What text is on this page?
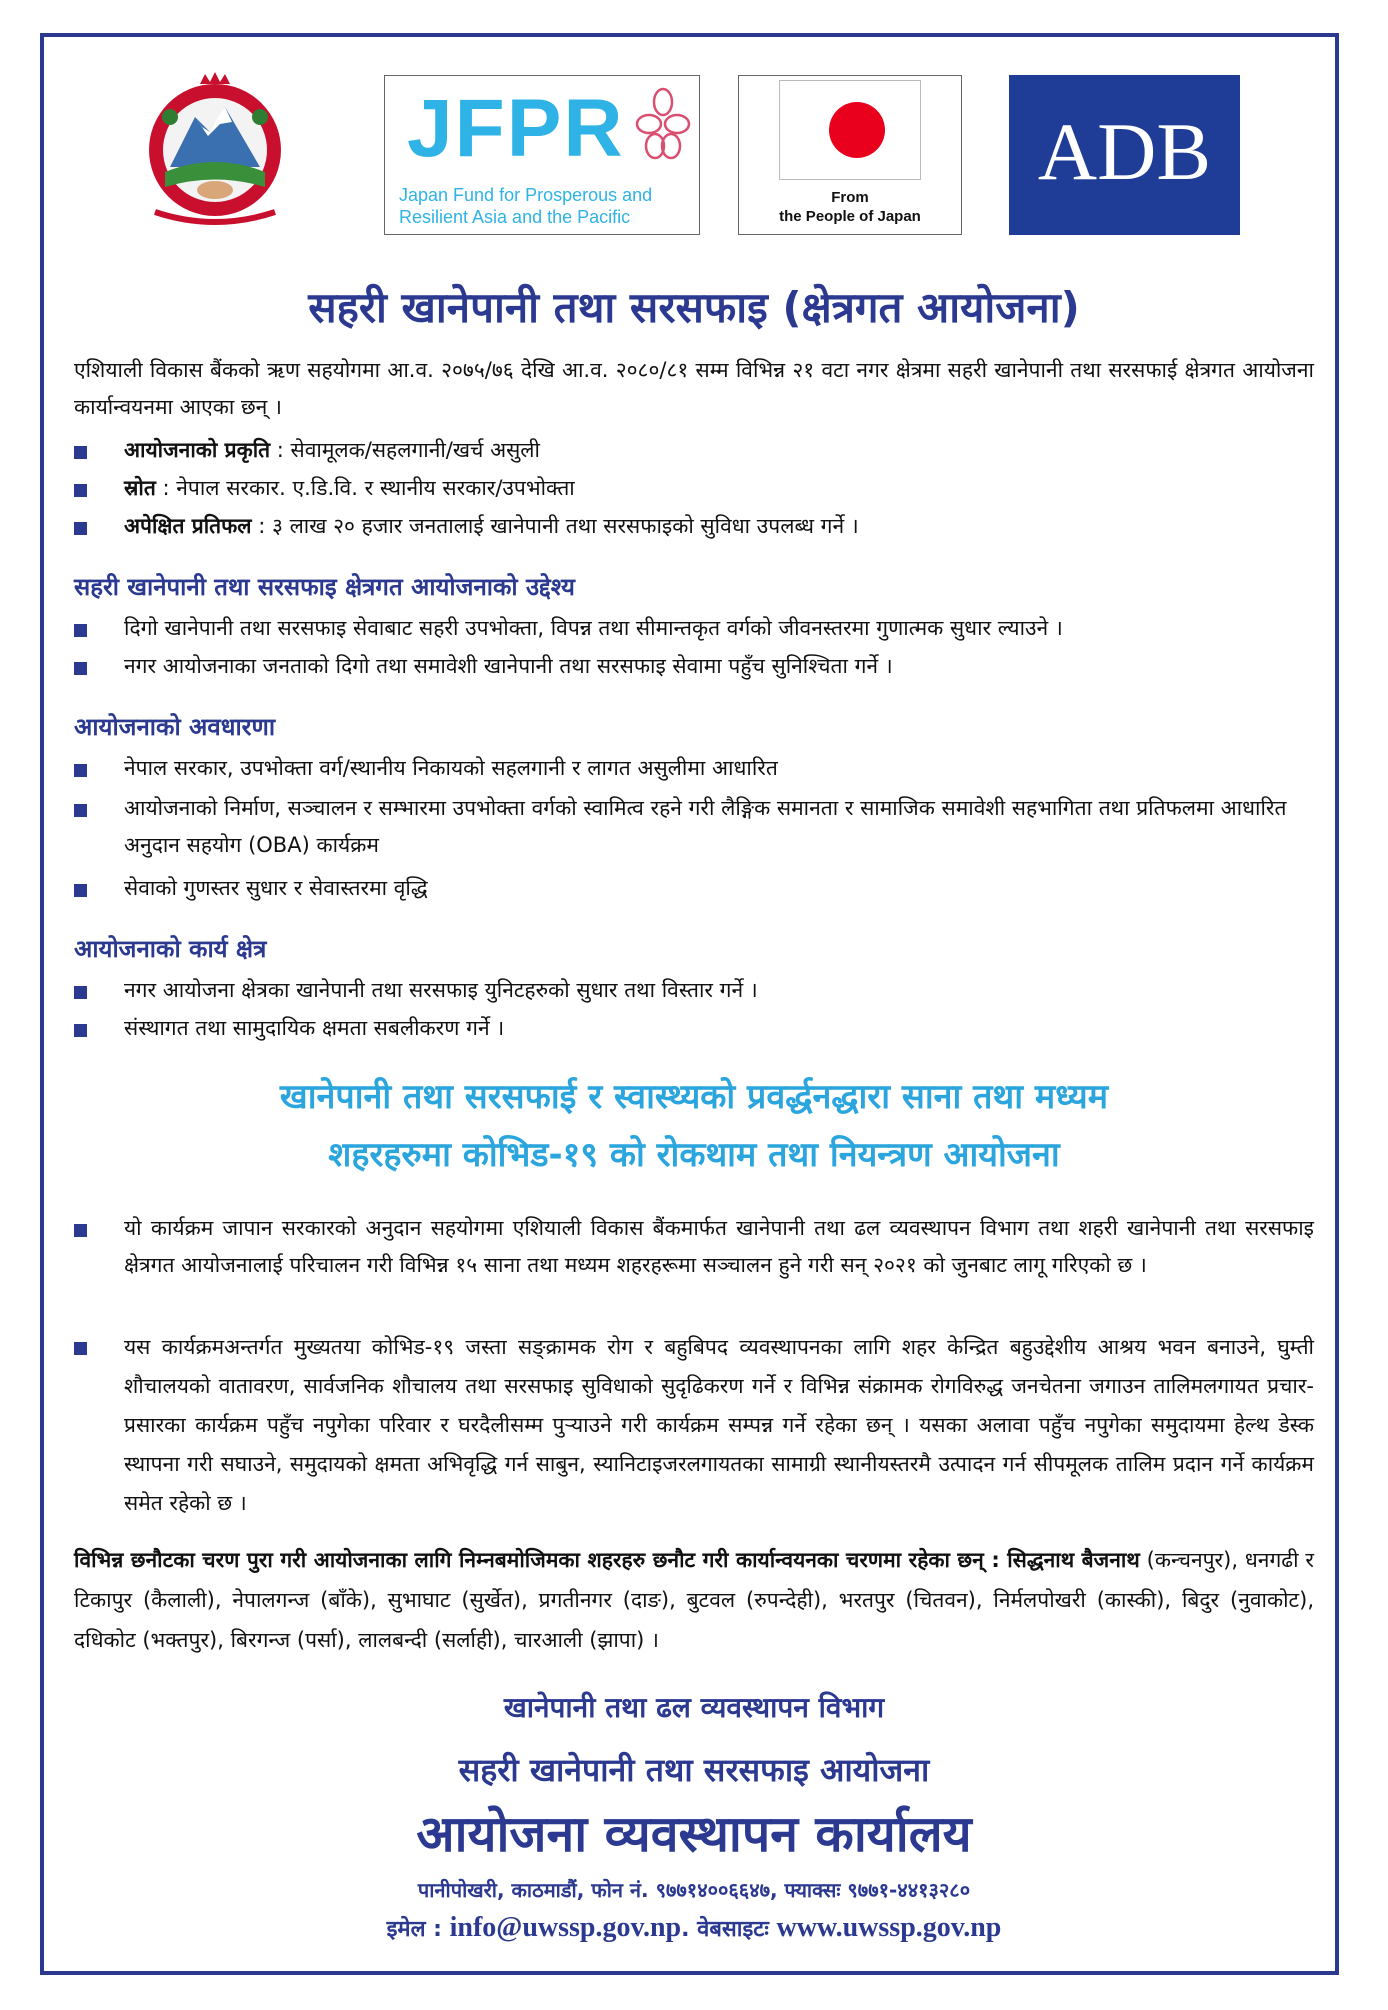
JFPR
Japan Fund for Prosperous and
Resilient Asia and the Pacific
From
the People of Japan
ADB
सहरी खानेपानी तथा सरसफाइ (क्षेत्रगत आयोजना)
एशियाली विकास बैंकको ऋण सहयोगमा आ.व. २०७५/७६ देखि आ.व. २०८०/८१ सम्म विभिन्न २१ वटा नगर क्षेत्रमा सहरी खानेपानी तथा सरसफाई क्षेत्रगत आयोजना कार्यान्वयनमा आएका छन् ।
आयोजनाको प्रकृति : सेवामूलक/सहलगानी/खर्च असुली
स्रोत : नेपाल सरकार. ए.डि.वि. र स्थानीय सरकार/उपभोक्ता
अपेक्षित प्रतिफल : ३ लाख २० हजार जनतालाई खानेपानी तथा सरसफाइको सुविधा उपलब्ध गर्ने ।
सहरी खानेपानी तथा सरसफाइ क्षेत्रगत आयोजनाको उद्देश्य
दिगो खानेपानी तथा सरसफाइ सेवाबाट सहरी उपभोक्ता, विपन्न तथा सीमान्तकृत वर्गको जीवनस्तरमा गुणात्मक सुधार ल्याउने ।
नगर आयोजनाका जनताको दिगो तथा समावेशी खानेपानी तथा सरसफाइ सेवामा पहुँच सुनिश्चिता गर्ने ।
आयोजनाको अवधारणा
नेपाल सरकार, उपभोक्ता वर्ग/स्थानीय निकायको सहलगानी र लागत असुलीमा आधारित
आयोजनाको निर्माण, सञ्चालन र सम्भारमा उपभोक्ता वर्गको स्वामित्व रहने गरी लैङ्गिक समानता र सामाजिक समावेशी सहभागिता तथा प्रतिफलमा आधारित अनुदान सहयोग (OBA) कार्यक्रम
सेवाको गुणस्तर सुधार र सेवास्तरमा वृद्धि
आयोजनाको कार्य क्षेत्र
नगर आयोजना क्षेत्रका खानेपानी तथा सरसफाइ युनिटहरुको सुधार तथा विस्तार गर्ने ।
संस्थागत तथा सामुदायिक क्षमता सबलीकरण गर्ने ।
खानेपानी तथा सरसफाई र स्वास्थ्यको प्रवर्द्धनद्धारा साना तथा मध्यम
शहरहरुमा कोभिड-१९ को रोकथाम तथा नियन्त्रण आयोजना
यो कार्यक्रम जापान सरकारको अनुदान सहयोगमा एशियाली विकास बैंकमार्फत खानेपानी तथा ढल व्यवस्थापन विभाग तथा शहरी खानेपानी तथा सरसफाइ क्षेत्रगत आयोजनालाई परिचालन गरी विभिन्न १५ साना तथा मध्यम शहरहरूमा सञ्चालन हुने गरी सन् २०२१ को जुनबाट लागू गरिएको छ ।
यस कार्यक्रमअन्तर्गत मुख्यतया कोभिड-१९ जस्ता सङ्क्रामक रोग र बहुबिपद व्यवस्थापनका लागि शहर केन्द्रित बहुउद्देशीय आश्रय भवन बनाउने, घुम्ती शौचालयको वातावरण, सार्वजनिक शौचालय तथा सरसफाइ सुविधाको सुदृढिकरण गर्ने र विभिन्न संक्रामक रोगविरुद्ध जनचेतना जगाउन तालिमलगायत प्रचार-प्रसारका कार्यक्रम पहुँच नपुगेका परिवार र घरदैलीसम्म पुर्‍याउने गरी कार्यक्रम सम्पन्न गर्ने रहेका छन् । यसका अलावा पहुँच नपुगेका समुदायमा हेल्थ डेस्क स्थापना गरी सघाउने, समुदायको क्षमता अभिवृद्धि गर्न साबुन, स्यानिटाइजरलगायतका सामाग्री स्थानीयस्तरमै उत्पादन गर्न सीपमूलक तालिम प्रदान गर्ने कार्यक्रम समेत रहेको छ ।
विभिन्न छनौटका चरण पुरा गरी आयोजनाका लागि निम्नबमोजिमका शहरहरु छनौट गरी कार्यान्वयनका चरणमा रहेका छन् : सिद्धनाथ बैजनाथ (कन्चनपुर), धनगढी र टिकापुर (कैलाली), नेपालगन्ज (बाँके), सुभाघाट (सुर्खेत), प्रगतीनगर (दाङ), बुटवल (रुपन्देही), भरतपुर (चितवन), निर्मलपोखरी (कास्की), बिदुर (नुवाकोट), दधिकोट (भक्तपुर), बिरगन्ज (पर्सा), लालबन्दी (सर्लाही), चारआली (झापा) ।
खानेपानी तथा ढल व्यवस्थापन विभाग
सहरी खानेपानी तथा सरसफाइ आयोजना
आयोजना व्यवस्थापन कार्यालय
पानीपोखरी, काठमाडौं, फोन नं. ९७७१४००६६४७, फ्याक्सः ९७७१-४४१३२८०
इमेल : info@uwssp.gov.np. वेबसाइटः www.uwssp.gov.np
